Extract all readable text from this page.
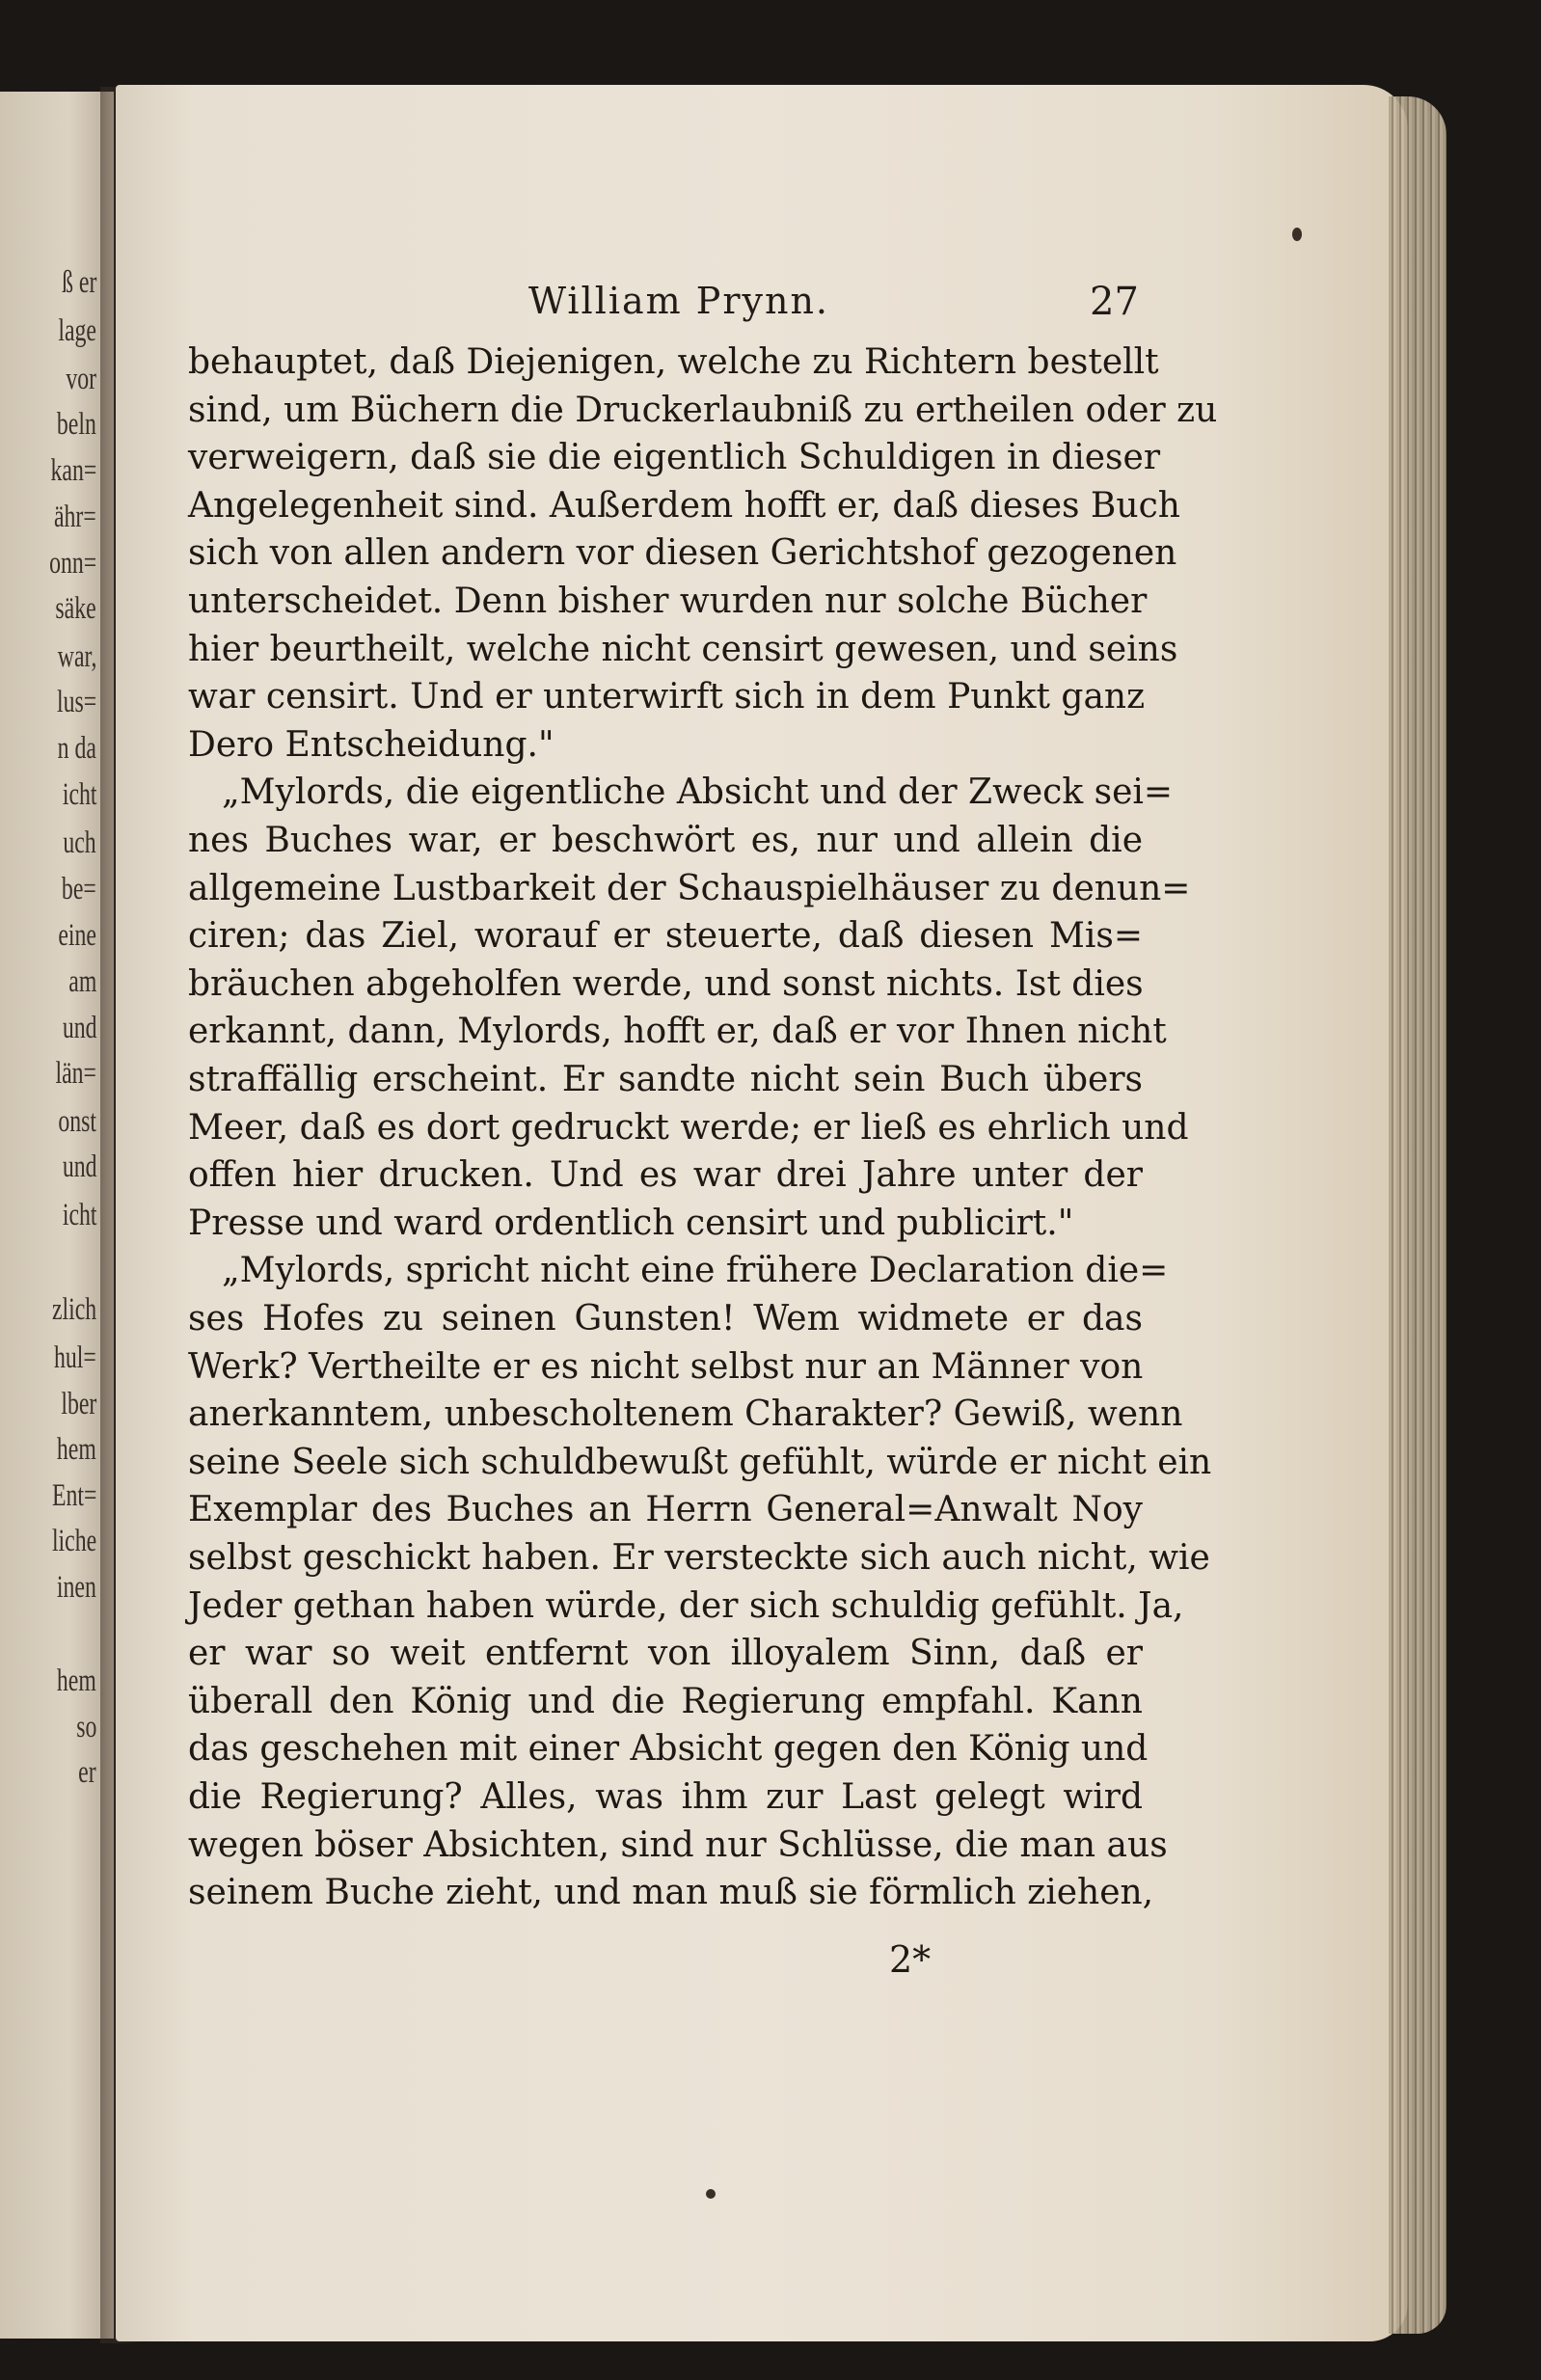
ß er
lage
vor
beln
kan=
ähr=
onn=
säke
war,
lus=
n da
icht
uch
be=
eine
am
und
län=
onst
und
icht
zlich
hul=
lber
hem
Ent=
liche
inen
hem
so
er
William Prynn.	27
behauptet, daß Diejenigen, welche zu Richtern bestellt
sind, um Büchern die Druckerlaubniß zu ertheilen oder zu
verweigern, daß sie die eigentlich Schuldigen in dieser
Angelegenheit sind. Außerdem hofft er, daß dieses Buch
sich von allen andern vor diesen Gerichtshof gezogenen
unterscheidet. Denn bisher wurden nur solche Bücher
hier beurtheilt, welche nicht censirt gewesen, und seins
war censirt. Und er unterwirft sich in dem Punkt ganz
Dero Entscheidung."
„Mylords, die eigentliche Absicht und der Zweck sei=
nes Buches war, er beschwört es, nur und allein die
allgemeine Lustbarkeit der Schauspielhäuser zu denun=
ciren; das Ziel, worauf er steuerte, daß diesen Mis=
bräuchen abgeholfen werde, und sonst nichts. Ist dies
erkannt, dann, Mylords, hofft er, daß er vor Ihnen nicht
straffällig erscheint. Er sandte nicht sein Buch übers
Meer, daß es dort gedruckt werde; er ließ es ehrlich und
offen hier drucken. Und es war drei Jahre unter der
Presse und ward ordentlich censirt und publicirt."
„Mylords, spricht nicht eine frühere Declaration die=
ses Hofes zu seinen Gunsten! Wem widmete er das
Werk? Vertheilte er es nicht selbst nur an Männer von
anerkanntem, unbescholtenem Charakter? Gewiß, wenn
seine Seele sich schuldbewußt gefühlt, würde er nicht ein
Exemplar des Buches an Herrn General=Anwalt Noy
selbst geschickt haben. Er versteckte sich auch nicht, wie
Jeder gethan haben würde, der sich schuldig gefühlt. Ja,
er war so weit entfernt von illoyalem Sinn, daß er
überall den König und die Regierung empfahl. Kann
das geschehen mit einer Absicht gegen den König und
die Regierung? Alles, was ihm zur Last gelegt wird
wegen böser Absichten, sind nur Schlüsse, die man aus
seinem Buche zieht, und man muß sie förmlich ziehen,
2*
